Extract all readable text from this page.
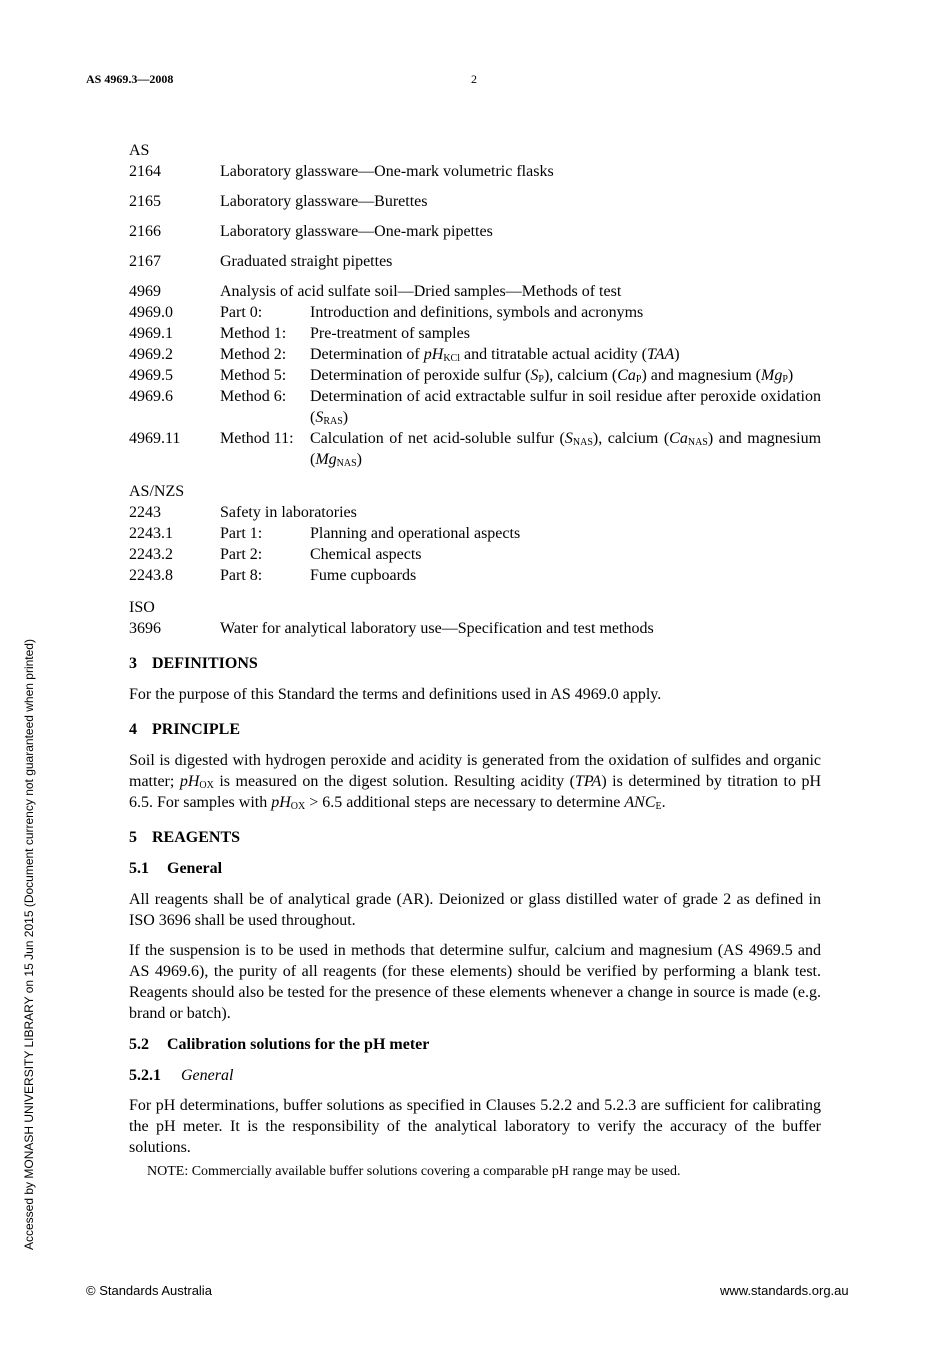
AS 4969.3—2008	2
Accessed by MONASH UNIVERSITY LIBRARY on 15 Jun 2015 (Document currency not guaranteed when printed)
AS
2164	Laboratory glassware—One-mark volumetric flasks
2165	Laboratory glassware—Burettes
2166	Laboratory glassware—One-mark pipettes
2167	Graduated straight pipettes
4969	Analysis of acid sulfate soil—Dried samples—Methods of test
4969.0	Part 0:	Introduction and definitions, symbols and acronyms
4969.1	Method 1:	Pre-treatment of samples
4969.2	Method 2:	Determination of $pH_{KCl}$ and titratable actual acidity (TAA)
4969.5	Method 5:	Determination of peroxide sulfur $(S_P)$, calcium $(Ca_P)$ and magnesium $(Mg_P)$
4969.6	Method 6:	Determination of acid extractable sulfur in soil residue after peroxide oxidation $(S_{RAS})$
4969.11	Method 11:	Calculation of net acid-soluble sulfur $(S_{NAS})$, calcium $(Ca_{NAS})$ and magnesium $(Mg_{NAS})$
AS/NZS
2243	Safety in laboratories
2243.1	Part 1:	Planning and operational aspects
2243.2	Part 2:	Chemical aspects
2243.8	Part 8:	Fume cupboards
ISO
3696	Water for analytical laboratory use—Specification and test methods
3 DEFINITIONS

For the purpose of this Standard the terms and definitions used in AS 4969.0 apply.

4 PRINCIPLE

Soil is digested with hydrogen peroxide and acidity is generated from the oxidation of sulfides and organic matter; $pH_{OX}$ is measured on the digest solution. Resulting acidity (TPA) is determined by titration to pH 6.5. For samples with $pH_{OX} > 6.5$ additional steps are necessary to determine $ANC_E$.

5 REAGENTS
5.1 General

All reagents shall be of analytical grade (AR). Deionized or glass distilled water of grade 2 as defined in ISO 3696 shall be used throughout.

If the suspension is to be used in methods that determine sulfur, calcium and magnesium (AS 4969.5 and AS 4969.6), the purity of all reagents (for these elements) should be verified by performing a blank test. Reagents should also be tested for the presence of these elements whenever a change in source is made (e.g. brand or batch).

5.2 Calibration solutions for the pH meter
5.2.1 General

For pH determinations, buffer solutions as specified in Clauses 5.2.2 and 5.2.3 are sufficient for calibrating the pH meter. It is the responsibility of the analytical laboratory to verify the accuracy of the buffer solutions.

NOTE: Commercially available buffer solutions covering a comparable pH range may be used.
© Standards Australia	www.standards.org.au
